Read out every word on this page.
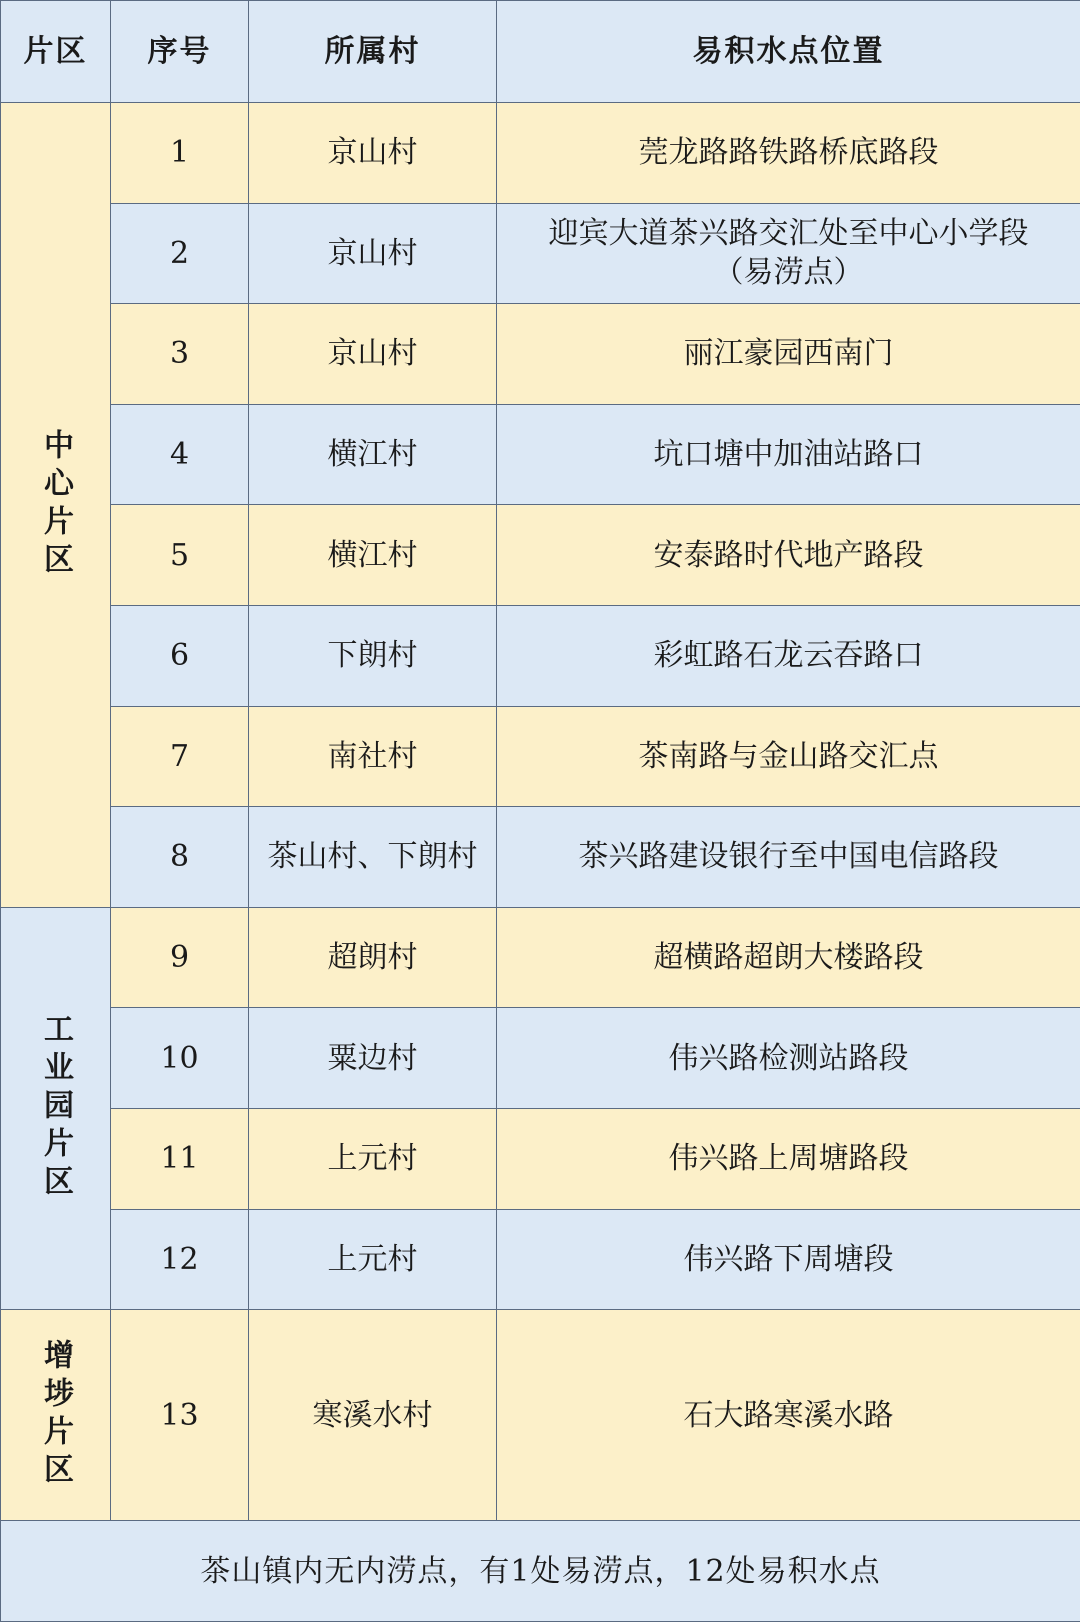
片区	序号	所属村	易积水点位置
中心片区	1	京山村	莞龙路路铁路桥底路段
	2	京山村	迎宾大道茶兴路交汇处至中心小学段
（易涝点）

	3	京山村	丽江豪园西南门
	4	横江村	坑口塘中加油站路口
	5	横江村	安泰路时代地产路段
	6	下朗村	彩虹路石龙云吞路口
	7	南社村	茶南路与金山路交汇点
	8	茶山村、下朗村	茶兴路建设银行至中国电信路段
工业园片区	9	超朗村	超横路超朗大楼路段
	10	粟边村	伟兴路检测站路段
	11	上元村	伟兴路上周塘路段
	12	上元村	伟兴路下周塘段
增埗片区	13	寒溪水村	石大路寒溪水路
茶山镇内无内涝点，有1处易涝点，12处易积水点			
